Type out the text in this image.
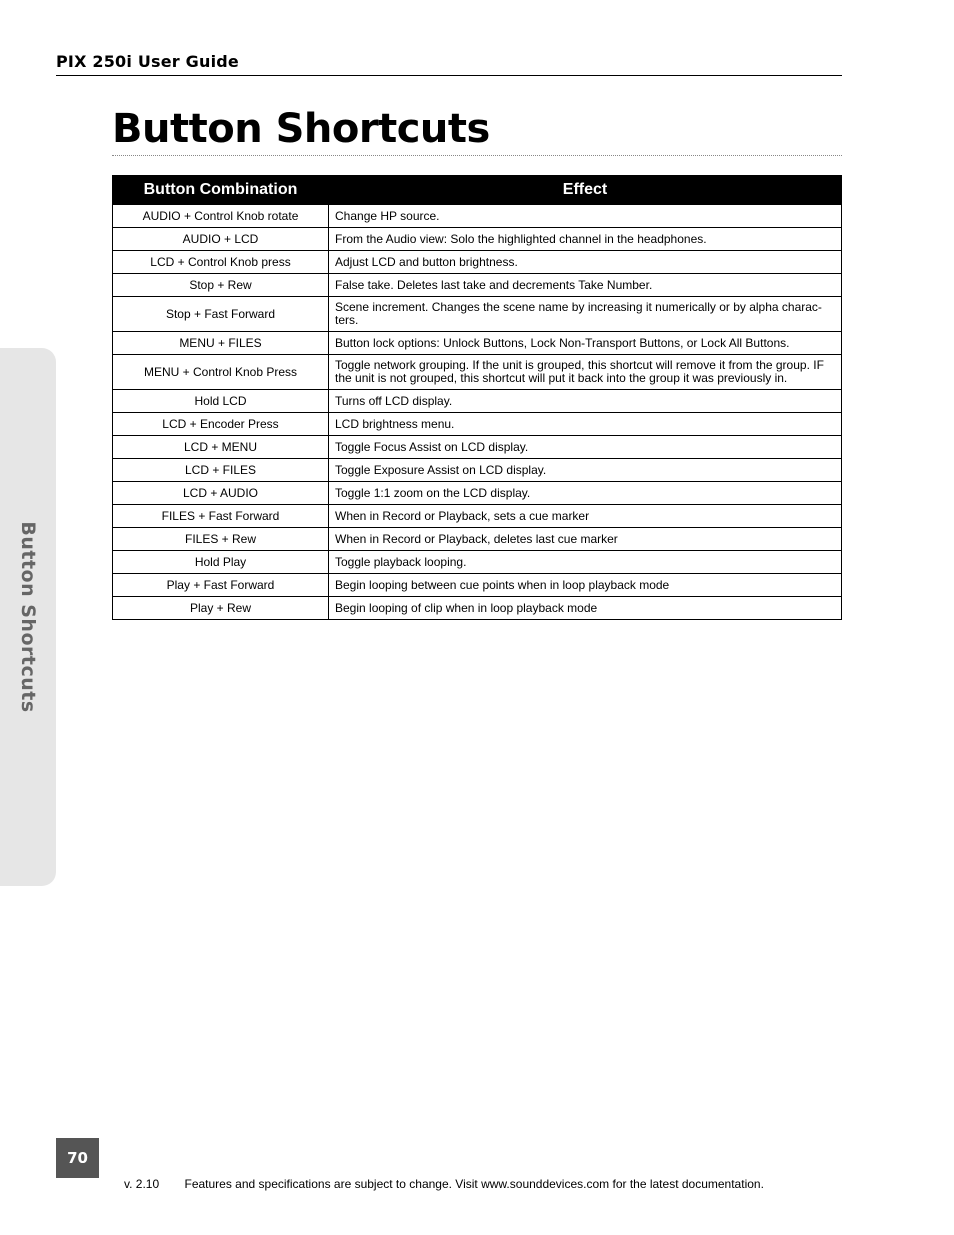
PIX 250i User Guide
Button Shortcuts
Button Shortcuts
Button Combination	Effect
AUDIO + Control Knob rotate	Change HP source.
AUDIO + LCD	From the Audio view: Solo the highlighted channel in the headphones.
LCD + Control Knob press	Adjust LCD and button brightness.
Stop + Rew	False take. Deletes last take and decrements Take Number.
Stop + Fast Forward	Scene increment. Changes the scene name by increasing it numerically or by alpha charac-ters.
MENU + FILES	Button lock options: Unlock Buttons, Lock Non-Transport Buttons, or Lock All Buttons.
MENU + Control Knob Press	Toggle network grouping. If the unit is grouped, this shortcut will remove it from the group. IF the unit is not grouped, this shortcut will put it back into the group it was previously in.
Hold LCD	Turns off LCD display.
LCD + Encoder Press	LCD brightness menu.
LCD + MENU	Toggle Focus Assist on LCD display.
LCD + FILES	Toggle Exposure Assist on LCD display.
LCD + AUDIO	Toggle 1:1 zoom on the LCD display.
FILES + Fast Forward	When in Record or Playback, sets a cue marker
FILES + Rew	When in Record or Playback, deletes last cue marker
Hold Play	Toggle playback looping.
Play + Fast Forward	Begin looping between cue points when in loop playback mode
Play + Rew	Begin looping of clip when in loop playback mode
70
v. 2.10 Features and specifications are subject to change. Visit www.sounddevices.com for the latest documentation.
